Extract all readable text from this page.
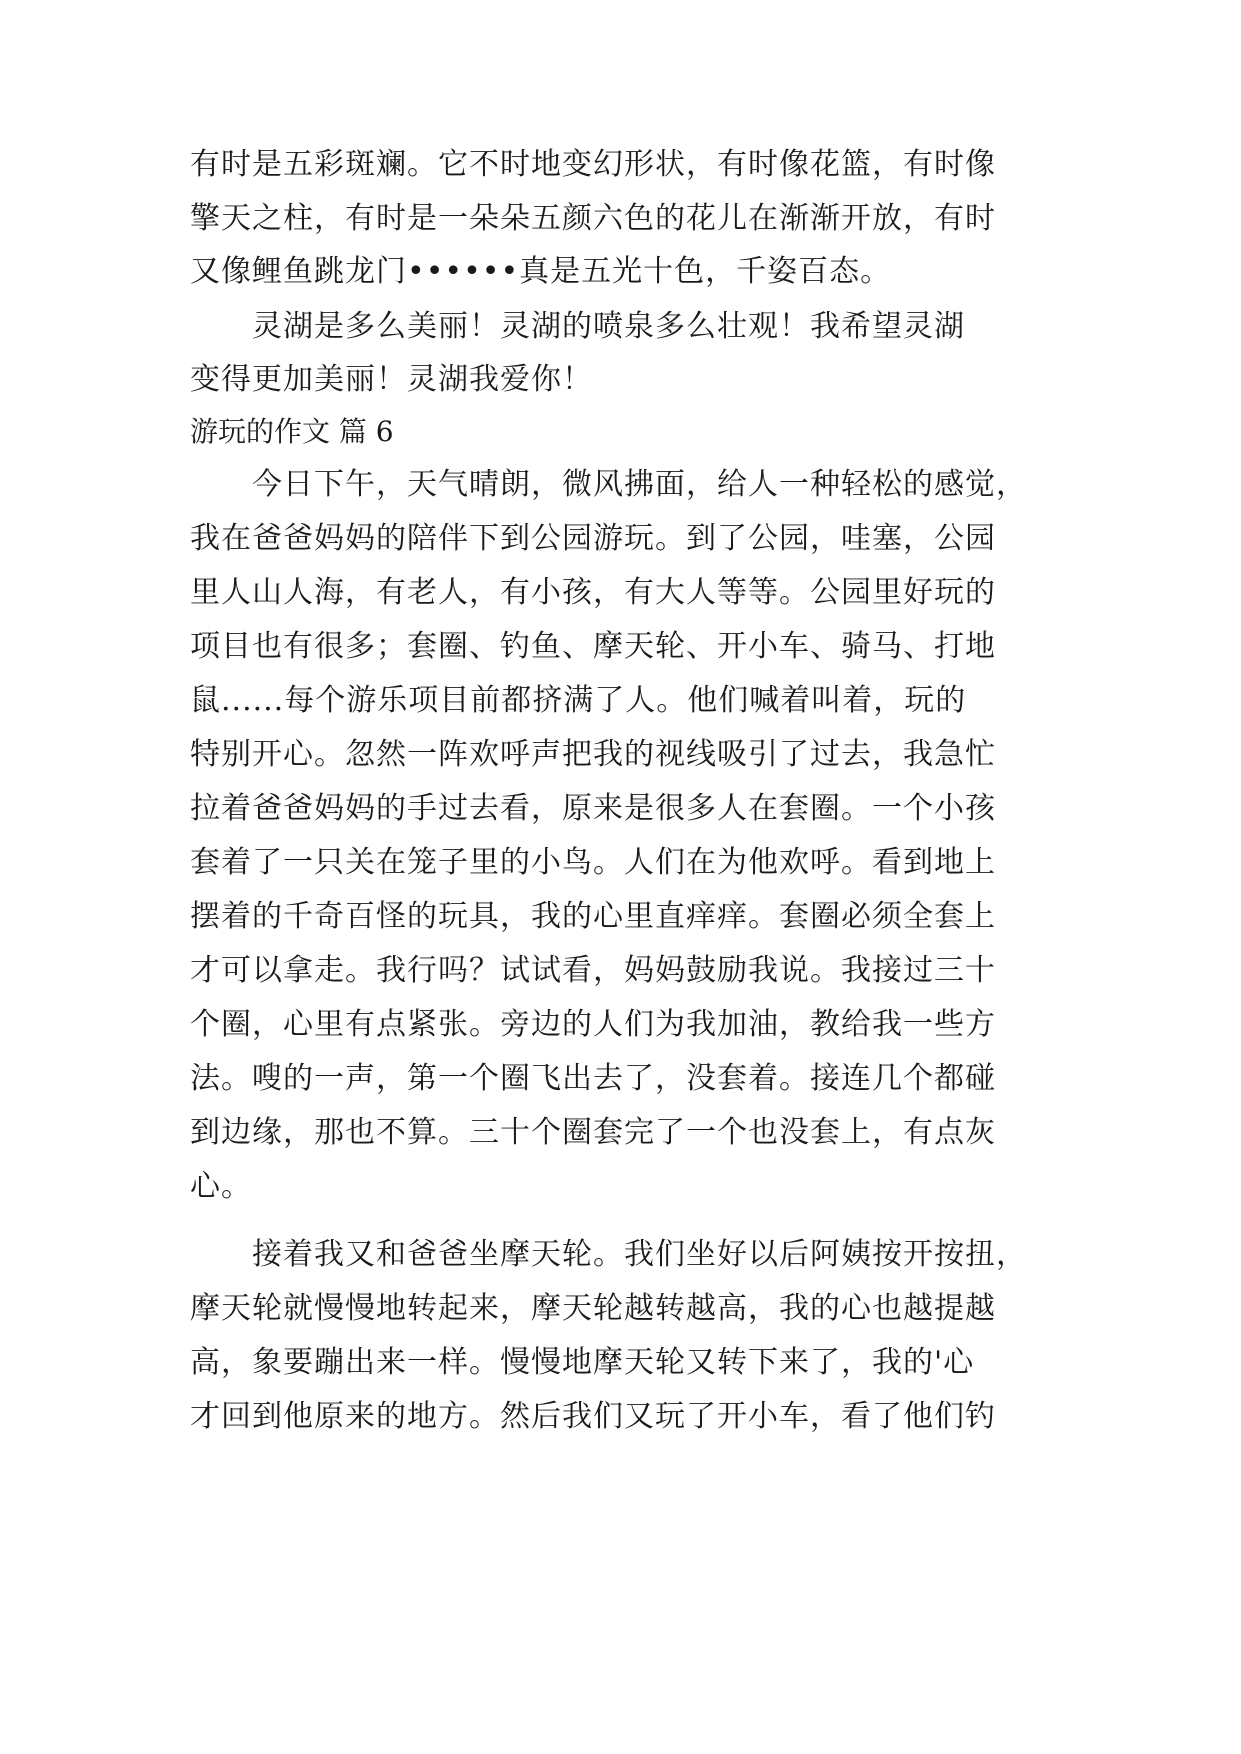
有时是五彩斑斓。它不时地变幻形状，有时像花篮，有时像
擎天之柱，有时是一朵朵五颜六色的花儿在渐渐开放，有时
又像鲤鱼跳龙门••••••真是五光十色，千姿百态。
灵湖是多么美丽！灵湖的喷泉多么壮观！我希望灵湖
变得更加美丽！灵湖我爱你！
游玩的作文 篇 6
今日下午，天气晴朗，微风拂面，给人一种轻松的感觉，
我在爸爸妈妈的陪伴下到公园游玩。到了公园，哇塞，公园
里人山人海，有老人，有小孩，有大人等等。公园里好玩的
项目也有很多；套圈、钓鱼、摩天轮、开小车、骑马、打地
鼠......每个游乐项目前都挤满了人。他们喊着叫着，玩的
特别开心。忽然一阵欢呼声把我的视线吸引了过去，我急忙
拉着爸爸妈妈的手过去看，原来是很多人在套圈。一个小孩
套着了一只关在笼子里的小鸟。人们在为他欢呼。看到地上
摆着的千奇百怪的玩具，我的心里直痒痒。套圈必须全套上
才可以拿走。我行吗？试试看，妈妈鼓励我说。我接过三十
个圈，心里有点紧张。旁边的人们为我加油，教给我一些方
法。嗖的一声，第一个圈飞出去了，没套着。接连几个都碰
到边缘，那也不算。三十个圈套完了一个也没套上，有点灰
心。
接着我又和爸爸坐摩天轮。我们坐好以后阿姨按开按扭，
摩天轮就慢慢地转起来，摩天轮越转越高，我的心也越提越
高，象要蹦出来一样。慢慢地摩天轮又转下来了，我的'心
才回到他原来的地方。然后我们又玩了开小车，看了他们钓
